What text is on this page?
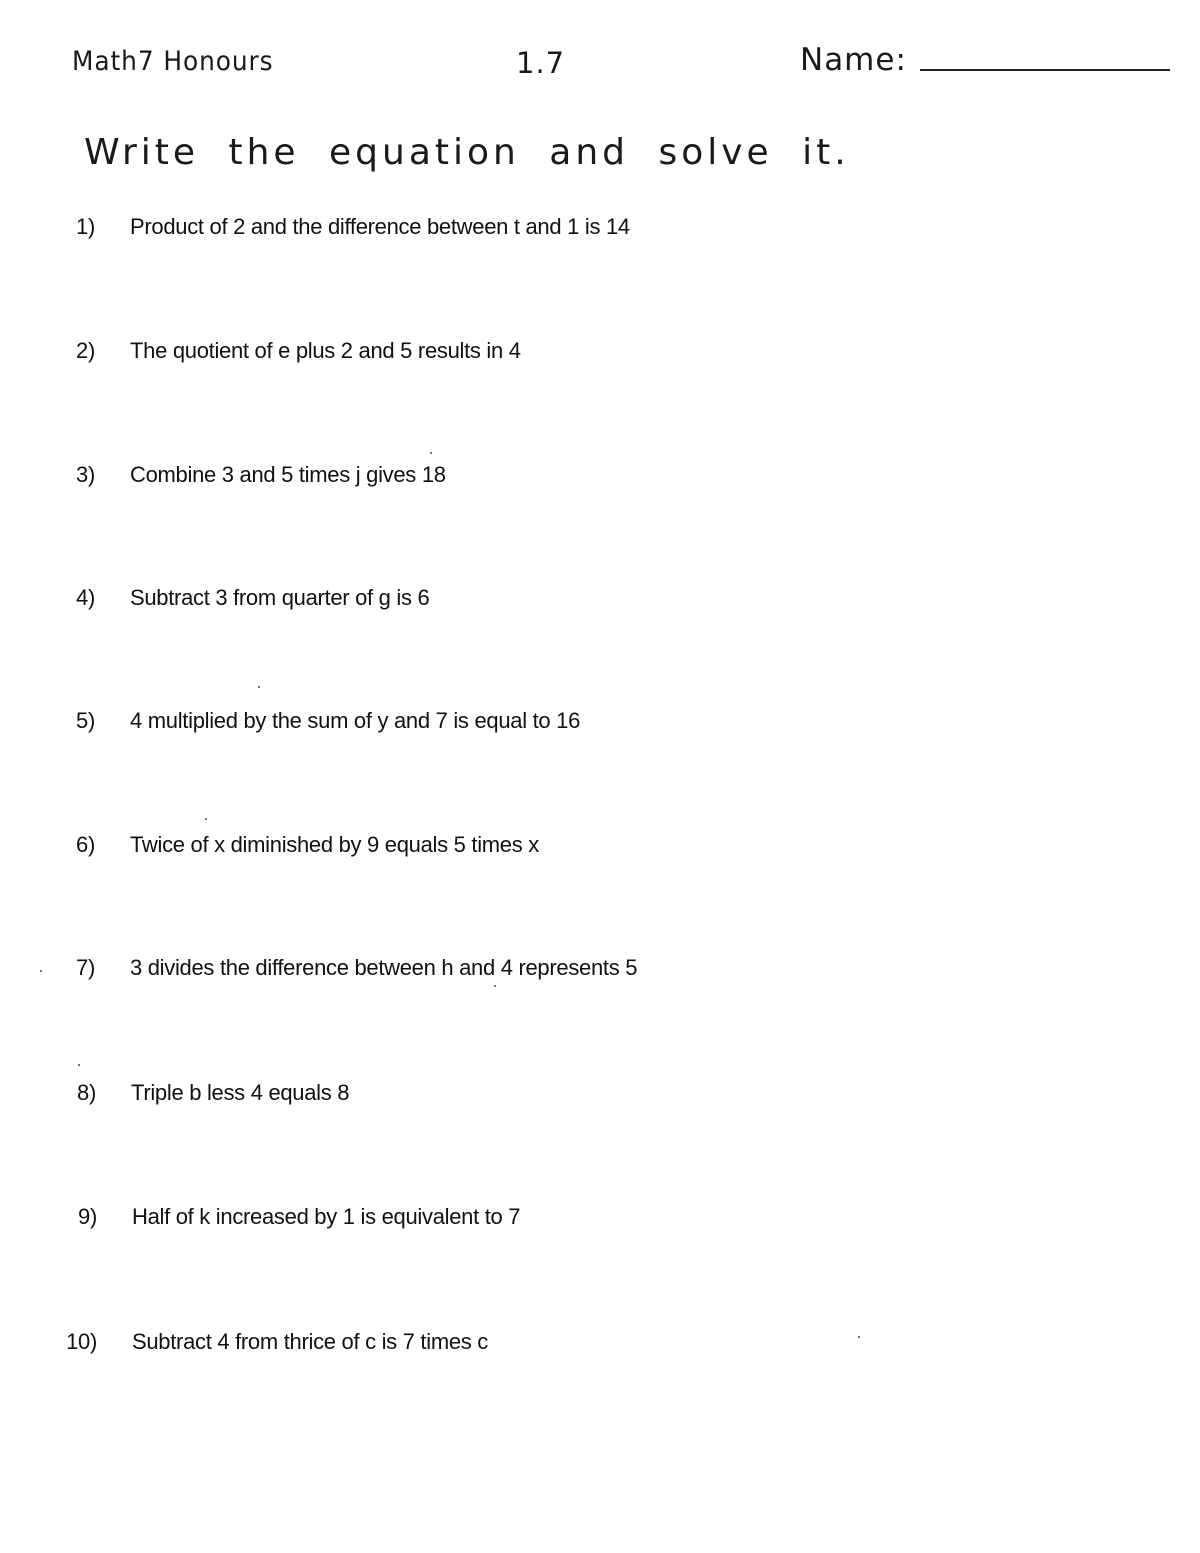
Math7 Honours	1.7	Name:
Write the equation and solve it.
1) Product of 2 and the difference between t and 1 is 14
2) The quotient of e plus 2 and 5 results in 4
3) Combine 3 and 5 times j gives 18
4) Subtract 3 from quarter of g is 6
5) 4 multiplied by the sum of y and 7 is equal to 16
6) Twice of x diminished by 9 equals 5 times x
7) 3 divides the difference between h and 4 represents 5
8) Triple b less 4 equals 8
9) Half of k increased by 1 is equivalent to 7
10) Subtract 4 from thrice of c is 7 times c
